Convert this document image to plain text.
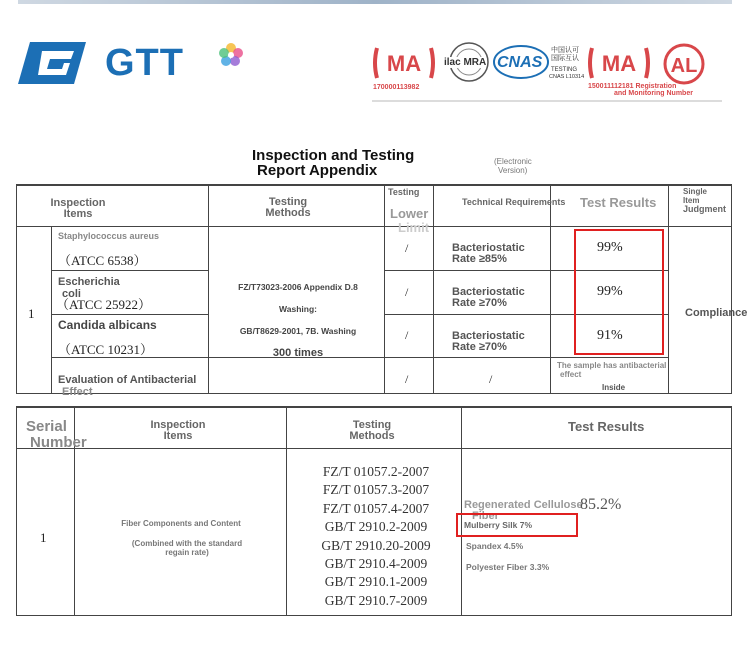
GTT	MA
170000113982
ilac MRA CNAS
中国认可 国际互认
TESTING
CNAS L10314
MA AL
150011112181 Registration
and Monitoring Number
Inspection and Testing
Report Appendix
(Electronic
Version)
Inspection
Items
Testing
Methods
Testing
Lower
Limit
Technical Requirements Test Results
Single
Item
Judgment
1
Staphylococcus aureus
（ATCC 6538）
Escherichia
coli
（ATCC 25922）
Candida albicans
（ATCC 10231）
FZ/T73023-2006 Appendix D.8
Washing:
GB/T8629-2001, 7B. Washing
300 times
/
/
/
Bacteriostatic
Rate ≥85%
Bacteriostatic
Rate ≥70%
Bacteriostatic
Rate ≥70%
99%
99%
91%
Compliance
Evaluation of Antibacterial
Effect
/	/
The sample has antibacterial
effect
Inside
Serial
Number
Inspection
Items
Testing
Methods
Test Results
1
Fiber Components and Content
(Combined with the standard
regain rate)
FZ/T 01057.2-2007
FZ/T 01057.3-2007
FZ/T 01057.4-2007
GB/T 2910.2-2009
GB/T 2910.20-2009
GB/T 2910.4-2009
GB/T 2910.1-2009
GB/T 2910.7-2009
Regenerated Cellulose
Fiber
85.2%
Mulberry Silk 7%
Spandex 4.5%
Polyester Fiber 3.3%
